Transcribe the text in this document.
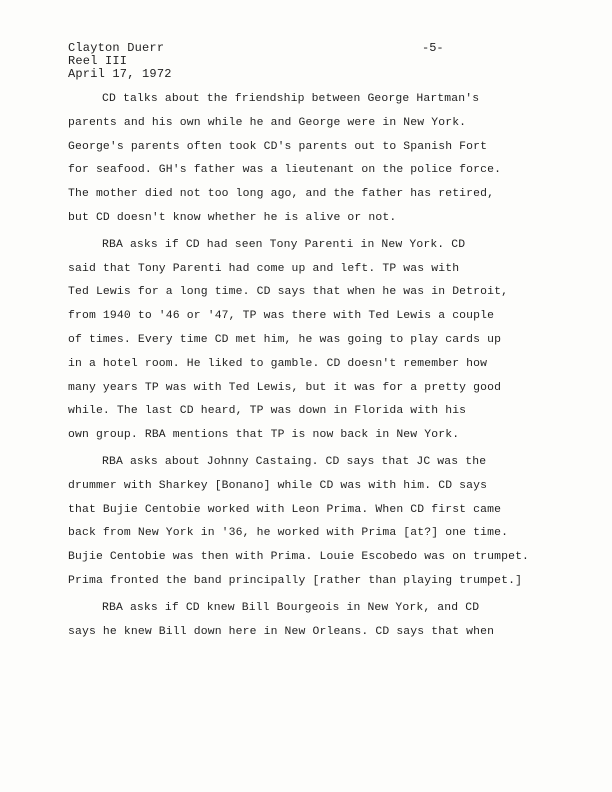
Clayton Duerr
Reel III
April 17, 1972
-5-
CD talks about the friendship between George Hartman's
parents and his own while he and George were in New York.
George's parents often took CD's parents out to Spanish Fort
for seafood. GH's father was a lieutenant on the police force.
The mother died not too long ago, and the father has retired,
but CD doesn't know whether he is alive or not.
RBA asks if CD had seen Tony Parenti in New York. CD
said that Tony Parenti had come up and left. TP was with
Ted Lewis for a long time. CD says that when he was in Detroit,
from 1940 to '46 or '47, TP was there with Ted Lewis a couple
of times. Every time CD met him, he was going to play cards up
in a hotel room. He liked to gamble. CD doesn't remember how
many years TP was with Ted Lewis, but it was for a pretty good
while. The last CD heard, TP was down in Florida with his
own group. RBA mentions that TP is now back in New York.
RBA asks about Johnny Castaing. CD says that JC was the
drummer with Sharkey [Bonano] while CD was with him. CD says
that Bujie Centobie worked with Leon Prima. When CD first came
back from New York in '36, he worked with Prima [at?] one time.
Bujie Centobie was then with Prima. Louie Escobedo was on trumpet.
Prima fronted the band principally [rather than playing trumpet.]
RBA asks if CD knew Bill Bourgeois in New York, and CD
says he knew Bill down here in New Orleans. CD says that when
